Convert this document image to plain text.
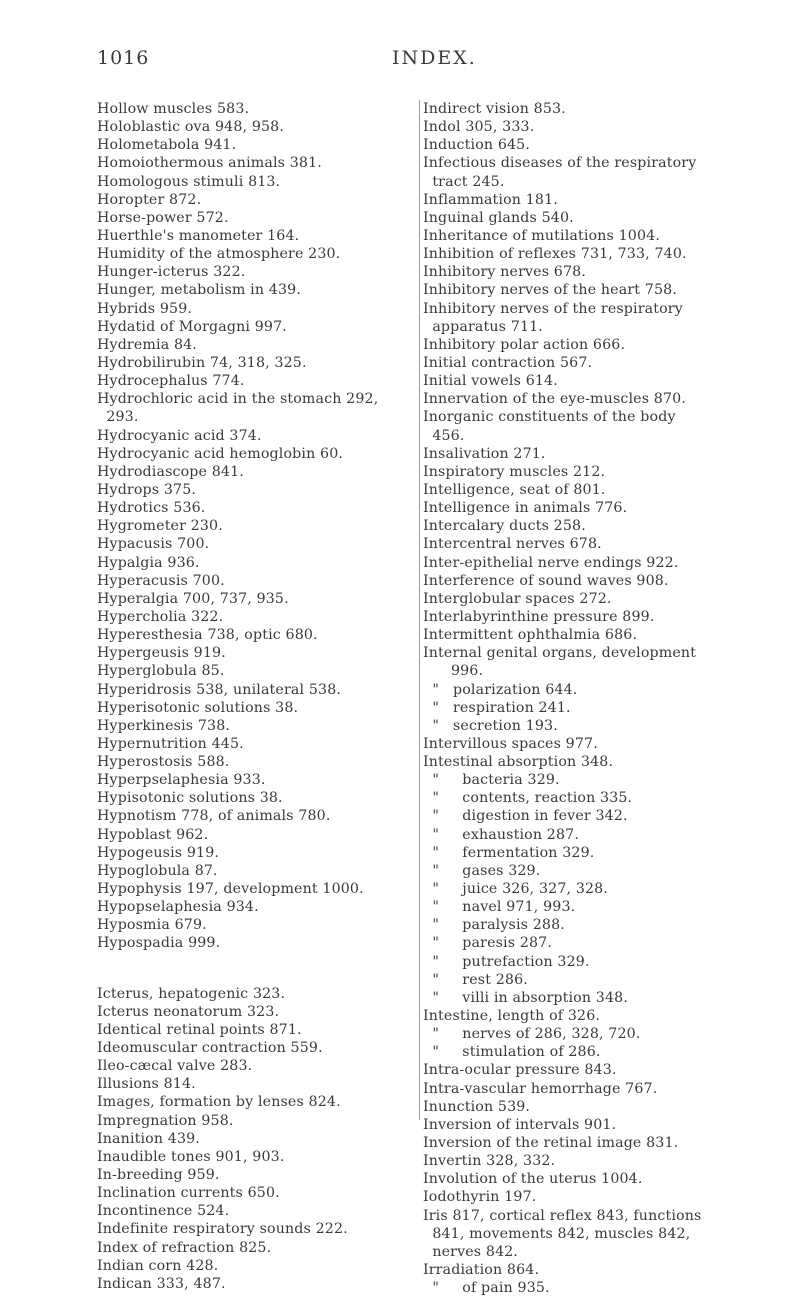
1016	INDEX.
Hollow muscles 583.
Holoblastic ova 948, 958.
Holometabola 941.
Homoiothermous animals 381.
Homologous stimuli 813.
Horopter 872.
Horse-power 572.
Huerthle's manometer 164.
Humidity of the atmosphere 230.
Hunger-icterus 322.
Hunger, metabolism in 439.
Hybrids 959.
Hydatid of Morgagni 997.
Hydremia 84.
Hydrobilirubin 74, 318, 325.
Hydrocephalus 774.
Hydrochloric acid in the stomach 292,
293.
Hydrocyanic acid 374.
Hydrocyanic acid hemoglobin 60.
Hydrodiascope 841.
Hydrops 375.
Hydrotics 536.
Hygrometer 230.
Hypacusis 700.
Hypalgia 936.
Hyperacusis 700.
Hyperalgia 700, 737, 935.
Hypercholia 322.
Hyperesthesia 738, optic 680.
Hypergeusis 919.
Hyperglobula 85.
Hyperidrosis 538, unilateral 538.
Hyperisotonic solutions 38.
Hyperkinesis 738.
Hypernutrition 445.
Hyperostosis 588.
Hyperpselaphesia 933.
Hypisotonic solutions 38.
Hypnotism 778, of animals 780.
Hypoblast 962.
Hypogeusis 919.
Hypoglobula 87.
Hypophysis 197, development 1000.
Hypopselaphesia 934.
Hyposmia 679.
Hypospadia 999.
Icterus, hepatogenic 323.
Icterus neonatorum 323.
Identical retinal points 871.
Ideomuscular contraction 559.
Ileo-cæcal valve 283.
Illusions 814.
Images, formation by lenses 824.
Impregnation 958.
Inanition 439.
Inaudible tones 901, 903.
In-breeding 959.
Inclination currents 650.
Incontinence 524.
Indefinite respiratory sounds 222.
Index of refraction 825.
Indian corn 428.
Indican 333, 487.
Indirect vision 853.
Indol 305, 333.
Induction 645.
Infectious diseases of the respiratory
tract 245.
Inflammation 181.
Inguinal glands 540.
Inheritance of mutilations 1004.
Inhibition of reflexes 731, 733, 740.
Inhibitory nerves 678.
Inhibitory nerves of the heart 758.
Inhibitory nerves of the respiratory
apparatus 711.
Inhibitory polar action 666.
Initial contraction 567.
Initial vowels 614.
Innervation of the eye-muscles 870.
Inorganic constituents of the body
456.
Insalivation 271.
Inspiratory muscles 212.
Intelligence, seat of 801.
Intelligence in animals 776.
Intercalary ducts 258.
Intercentral nerves 678.
Inter-epithelial nerve endings 922.
Interference of sound waves 908.
Interglobular spaces 272.
Interlabyrinthine pressure 899.
Intermittent ophthalmia 686.
Internal genital organs, development
996.
"   polarization 644.
"   respiration 241.
"   secretion 193.
Intervillous spaces 977.
Intestinal absorption 348.
"     bacteria 329.
"     contents, reaction 335.
"     digestion in fever 342.
"     exhaustion 287.
"     fermentation 329.
"     gases 329.
"     juice 326, 327, 328.
"     navel 971, 993.
"     paralysis 288.
"     paresis 287.
"     putrefaction 329.
"     rest 286.
"     villi in absorption 348.
Intestine, length of 326.
"     nerves of 286, 328, 720.
"     stimulation of 286.
Intra-ocular pressure 843.
Intra-vascular hemorrhage 767.
Inunction 539.
Inversion of intervals 901.
Inversion of the retinal image 831.
Invertin 328, 332.
Involution of the uterus 1004.
Iodothyrin 197.
Iris 817, cortical reflex 843, functions
841, movements 842, muscles 842,
nerves 842.
Irradiation 864.
"     of pain 935.
